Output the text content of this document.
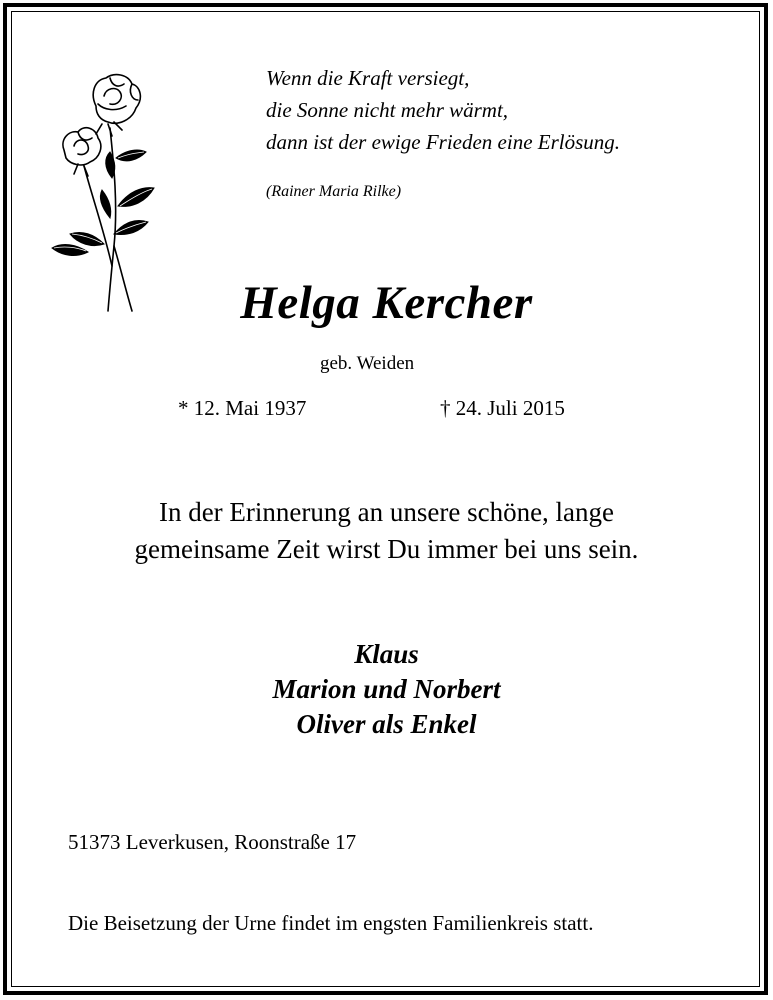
Wenn die Kraft versiegt,
die Sonne nicht mehr wärmt,
dann ist der ewige Frieden eine Erlösung.
(Rainer Maria Rilke)
Helga Kercher
geb. Weiden
* 12. Mai 1937	† 24. Juli 2015
In der Erinnerung an unsere schöne, lange
gemeinsame Zeit wirst Du immer bei uns sein.
Klaus
Marion und Norbert
Oliver als Enkel
51373 Leverkusen, Roonstraße 17
Die Beisetzung der Urne findet im engsten Familienkreis statt.
